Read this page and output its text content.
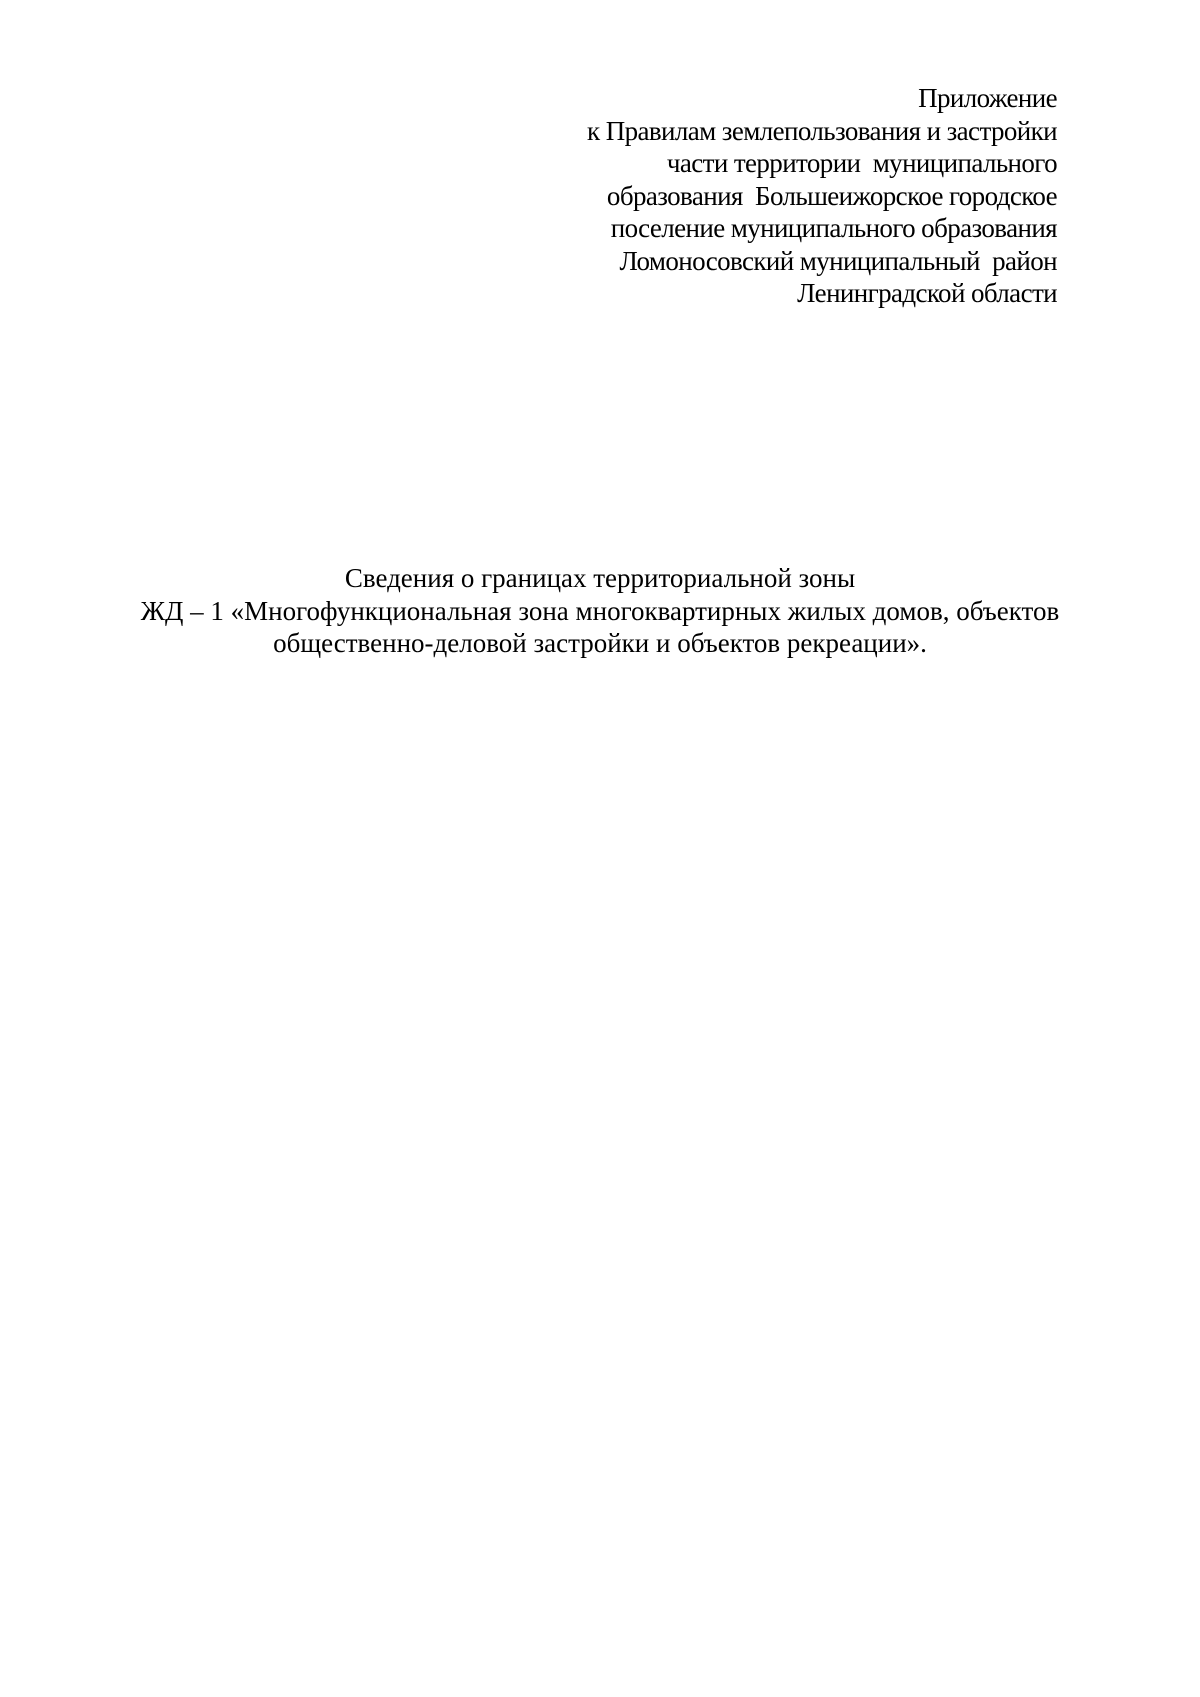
Приложение
к Правилам землепользования и застройки
части территории  муниципального
образования  Большеижорское городское
поселение муниципального образования
Ломоносовский муниципальный  район
Ленинградской области
Сведения о границах территориальной зоны
ЖД – 1 «Многофункциональная зона многоквартирных жилых домов, объектов
общественно-деловой застройки и объектов рекреации».
